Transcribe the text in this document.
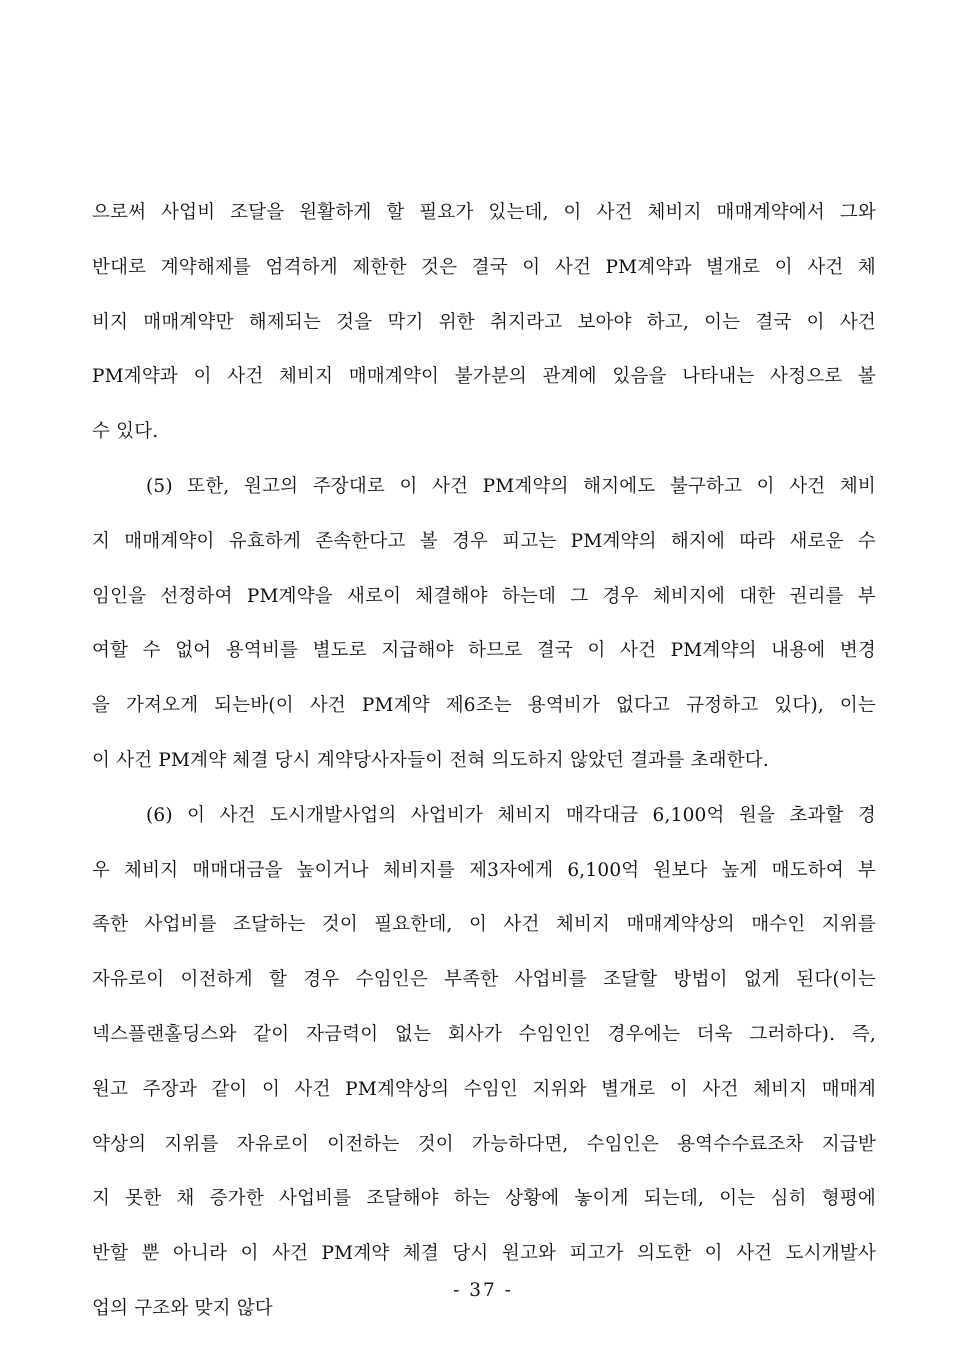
으로써 사업비 조달을 원활하게 할 필요가 있는데, 이 사건 체비지 매매계약에서 그와
반대로 계약해제를 엄격하게 제한한 것은 결국 이 사건 PM계약과 별개로 이 사건 체
비지 매매계약만 해제되는 것을 막기 위한 취지라고 보아야 하고, 이는 결국 이 사건
PM계약과 이 사건 체비지 매매계약이 불가분의 관계에 있음을 나타내는 사정으로 볼
수 있다.
(5) 또한, 원고의 주장대로 이 사건 PM계약의 해지에도 불구하고 이 사건 체비
지 매매계약이 유효하게 존속한다고 볼 경우 피고는 PM계약의 해지에 따라 새로운 수
임인을 선정하여 PM계약을 새로이 체결해야 하는데 그 경우 체비지에 대한 권리를 부
여할 수 없어 용역비를 별도로 지급해야 하므로 결국 이 사건 PM계약의 내용에 변경
을 가져오게 되는바(이 사건 PM계약 제6조는 용역비가 없다고 규정하고 있다), 이는
이 사건 PM계약 체결 당시 계약당사자들이 전혀 의도하지 않았던 결과를 초래한다.
(6) 이 사건 도시개발사업의 사업비가 체비지 매각대금 6,100억 원을 초과할 경
우 체비지 매매대금을 높이거나 체비지를 제3자에게 6,100억 원보다 높게 매도하여 부
족한 사업비를 조달하는 것이 필요한데, 이 사건 체비지 매매계약상의 매수인 지위를
자유로이 이전하게 할 경우 수임인은 부족한 사업비를 조달할 방법이 없게 된다(이는
넥스플랜홀딩스와 같이 자금력이 없는 회사가 수임인인 경우에는 더욱 그러하다). 즉,
원고 주장과 같이 이 사건 PM계약상의 수임인 지위와 별개로 이 사건 체비지 매매계
약상의 지위를 자유로이 이전하는 것이 가능하다면, 수임인은 용역수수료조차 지급받
지 못한 채 증가한 사업비를 조달해야 하는 상황에 놓이게 되는데, 이는 심히 형평에
반할 뿐 아니라 이 사건 PM계약 체결 당시 원고와 피고가 의도한 이 사건 도시개발사
업의 구조와 맞지 않다
- 37 -
